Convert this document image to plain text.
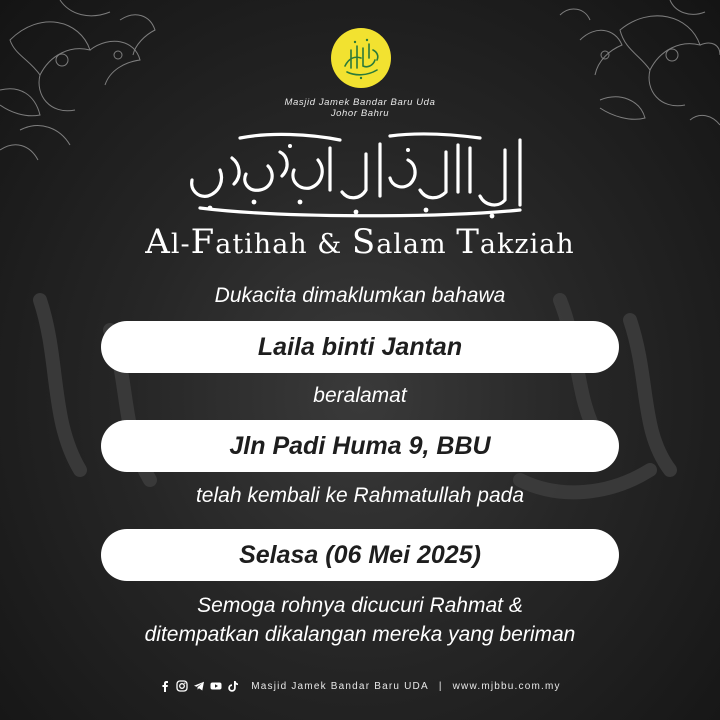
Masjid Jamek Bandar Baru Uda
Johor Bahru
Al-Fatihah & Salam Takziah
Dukacita dimaklumkan bahawa
Laila binti Jantan
beralamat
Jln Padi Huma 9, BBU
telah kembali ke Rahmatullah pada
Selasa (06 Mei 2025)
Semoga rohnya dicucuri Rahmat &
ditempatkan dikalangan mereka yang beriman
Masjid Jamek Bandar Baru UDA | www.mjbbu.com.my
